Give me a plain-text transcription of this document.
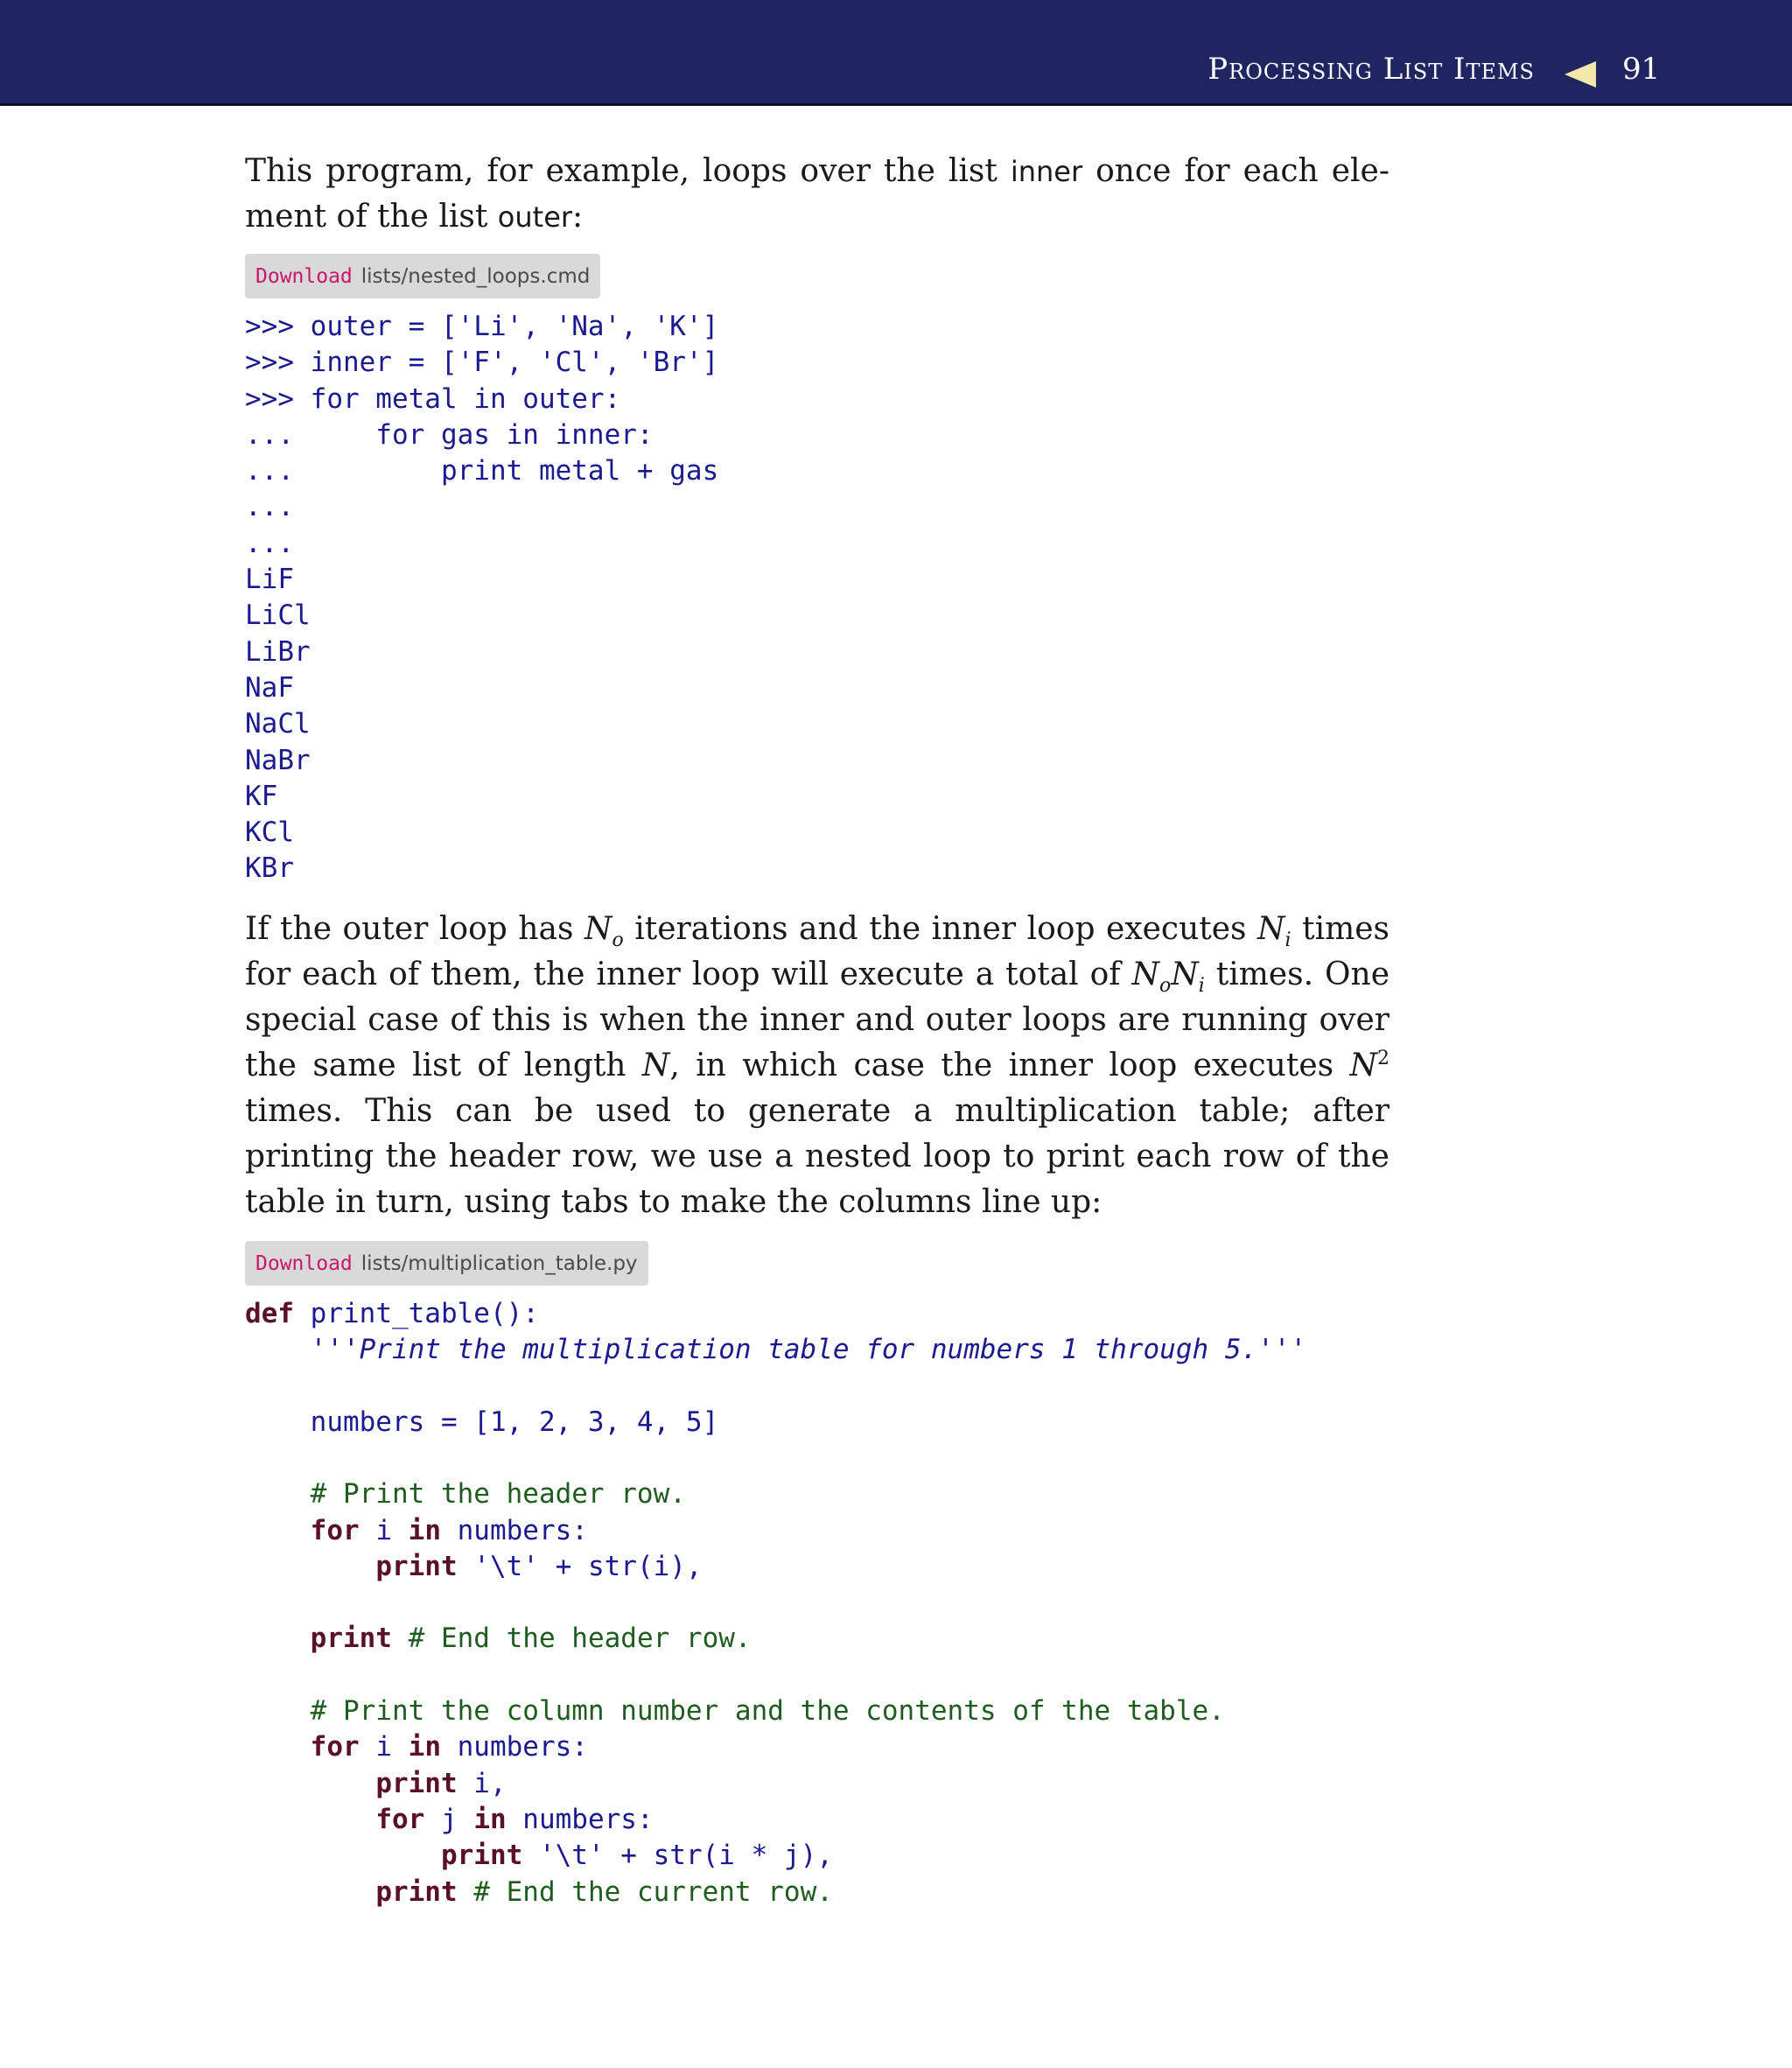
Processing List Items	91

This program, for example, loops over the list inner once for each ele-ment of the list outer:

Download lists/nested_loops.cmd
>>> outer = ['Li', 'Na', 'K']
>>> inner = ['F', 'Cl', 'Br']
>>> for metal in outer:
...     for gas in inner:
...         print metal + gas
...
...
LiF
LiCl
LiBr
NaF
NaCl
NaBr
KF
KCl
KBr

If the outer loop has $N_o$ iterations and the inner loop executes $N_i$ times for each of them, the inner loop will execute a total of $N_oN_i$ times. One special case of this is when the inner and outer loops are running over the same list of length N, in which case the inner loop executes $N^2$ times. This can be used to generate a multiplication table; after printing the header row, we use a nested loop to print each row of the table in turn, using tabs to make the columns line up:

Download lists/multiplication_table.py
def print_table():
'''Print the multiplication table for numbers 1 through 5.'''

numbers = [1, 2, 3, 4, 5]

# Print the header row.
for i in numbers:
print '\t' + str(i),

print # End the header row.

# Print the column number and the contents of the table.
for i in numbers:
print i,
for j in numbers:
print '\t' + str(i * j),
print # End the current row.
